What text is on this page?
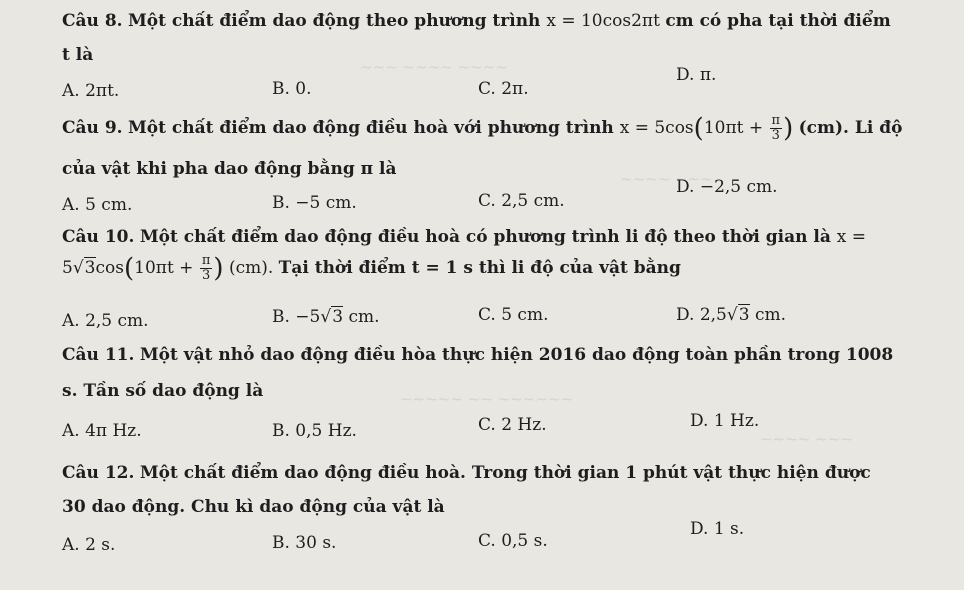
~~~ ~~~~ ~~~~
~~~~ ~~~
~~~~~ ~~ ~~~~~~
~~~~ ~~~
Câu 8. Một chất điểm dao động theo phương trình x = 10cos2πt cm có pha tại thời điểm
t là
A. 2πt.	B. 0.	C. 2π.
D. π.
Câu 9. Một chất điểm dao động điều hoà với phương trình $x = 5\cos(10\pi t + \frac{\pi}{3}$ ) (cm). Li độ
của vật khi pha dao động bằng π là
A. 5 cm.	B. −5 cm.	C. 2,5 cm.
D. −2,5 cm.
Câu 10. Một chất điểm dao động điều hoà có phương trình li độ theo thời gian là x =
$5√3\cos(10\pi t + \frac{\pi}{3}$ ) (cm). Tại thời điểm t = 1 s thì li độ của vật bằng
A. 2,5 cm.	B. −5√3 cm.	C. 5 cm.	D. 2,5√3 cm.
Câu 11. Một vật nhỏ dao động điều hòa thực hiện 2016 dao động toàn phần trong 1008
s. Tần số dao động là
A. 4π Hz.	B. 0,5 Hz.	C. 2 Hz.	D. 1 Hz.
Câu 12. Một chất điểm dao động điều hoà. Trong thời gian 1 phút vật thực hiện được
30 dao động. Chu kì dao động của vật là
A. 2 s.	B. 30 s.	C. 0,5 s.
D. 1 s.
